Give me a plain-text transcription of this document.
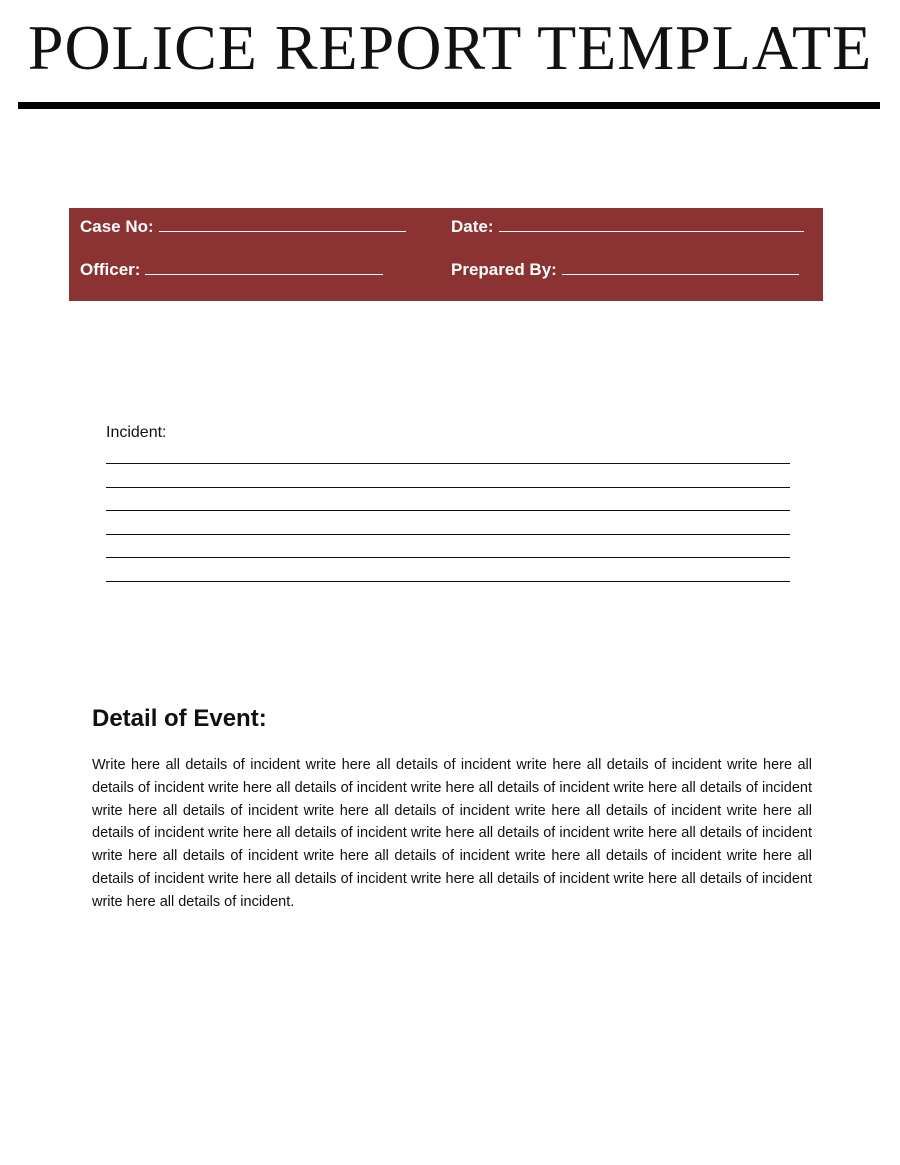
POLICE REPORT TEMPLATE
Case No:	Date:
Officer:	Prepared By:
Incident:
Detail of Event:

Write here all details of incident write here all details of incident write here all details of incident write here all details of incident write here all details of incident write here all details of incident write here all details of incident write here all details of incident write here all details of incident write here all details of incident write here all details of incident write here all details of incident write here all details of incident write here all details of incident write here all details of incident write here all details of incident write here all details of incident write here all details of incident write here all details of incident write here all details of incident write here all details of incident write here all details of incident.
